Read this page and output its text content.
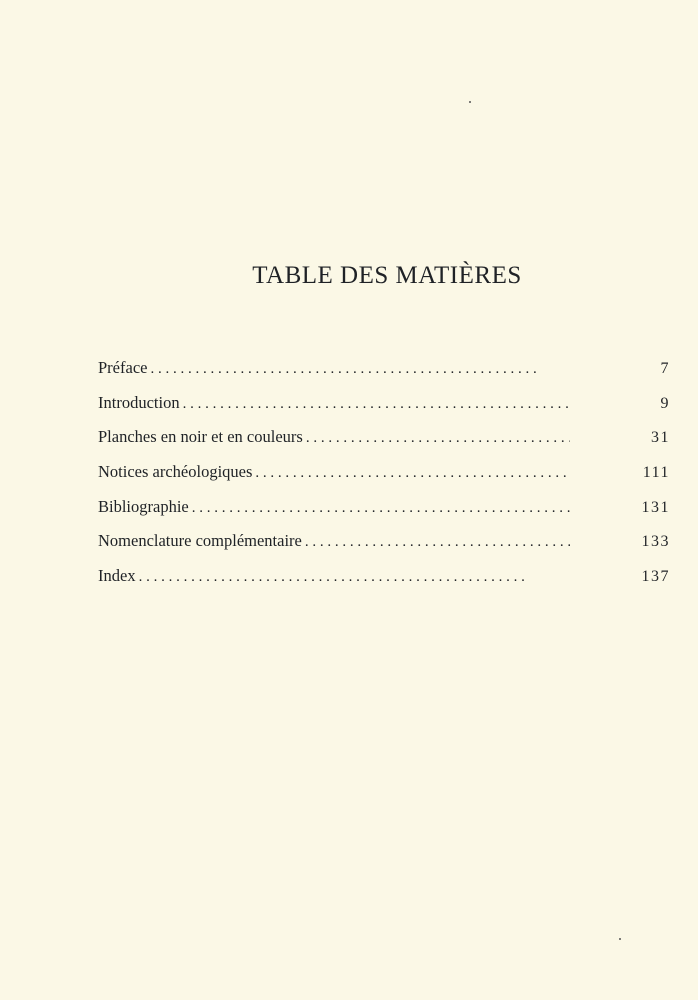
TABLE DES MATIÈRES
Préface . . .	7
Introduction . . .	9
Planches en noir et en couleurs . . .	31
Notices archéologiques . . .	111
Bibliographie . . .	131
Nomenclature complémentaire . . .	133
Index . . .	137
